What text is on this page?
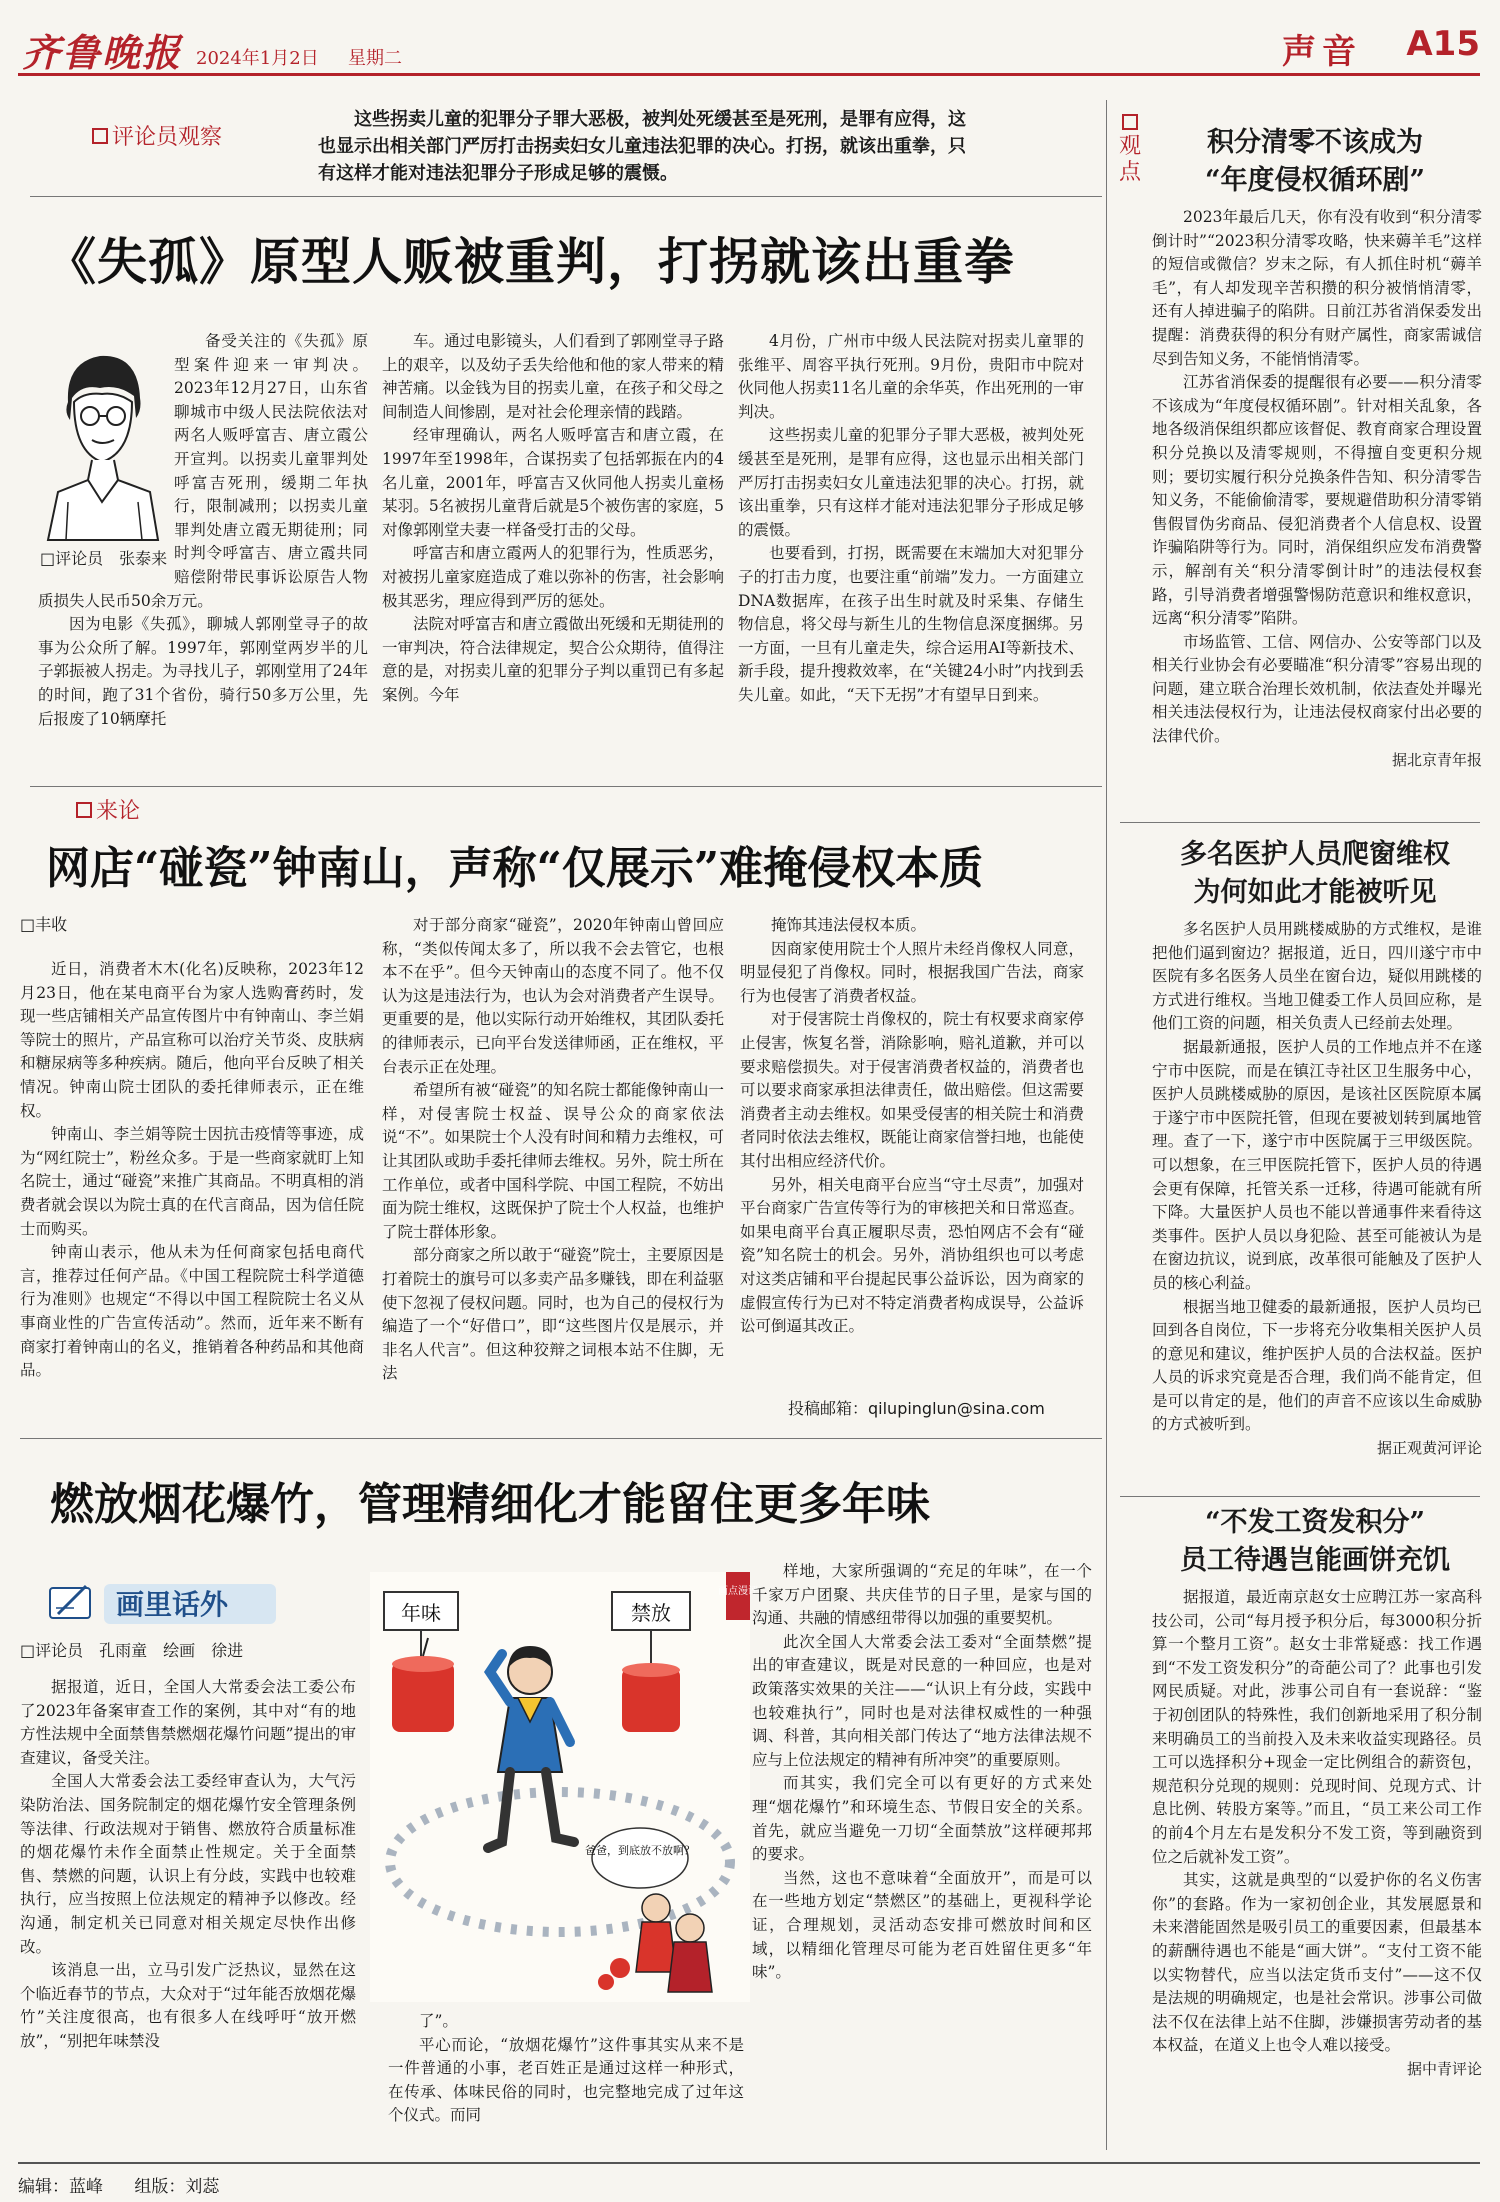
齐鲁晚报 2024年1月2日 星期二	声音 A15
评论员观察
这些拐卖儿童的犯罪分子罪大恶极，被判处死缓甚至是死刑，是罪有应得，这也显示出相关部门严厉打击拐卖妇女儿童违法犯罪的决心。打拐，就该出重拳，只有这样才能对违法犯罪分子形成足够的震慑。
《失孤》原型人贩被重判，打拐就该出重拳
□评论员　张泰来

备受关注的《失孤》原型案件迎来一审判决。2023年12月27日，山东省聊城市中级人民法院依法对两名人贩呼富吉、唐立霞公开宣判。以拐卖儿童罪判处呼富吉死刑，缓期二年执行，限制减刑；以拐卖儿童罪判处唐立霞无期徒刑；同时判令呼富吉、唐立霞共同赔偿附带民事诉讼原告人物质损失人民币50余万元。

因为电影《失孤》，聊城人郭刚堂寻子的故事为公众所了解。1997年，郭刚堂两岁半的儿子郭振被人拐走。为寻找儿子，郭刚堂用了24年的时间，跑了31个省份，骑行50多万公里，先后报废了10辆摩托

车。通过电影镜头，人们看到了郭刚堂寻子路上的艰辛，以及幼子丢失给他和他的家人带来的精神苦痛。以金钱为目的拐卖儿童，在孩子和父母之间制造人间惨剧，是对社会伦理亲情的践踏。

经审理确认，两名人贩呼富吉和唐立霞，在1997年至1998年，合谋拐卖了包括郭振在内的4名儿童，2001年，呼富吉又伙同他人拐卖儿童杨某羽。5名被拐儿童背后就是5个被伤害的家庭，5对像郭刚堂夫妻一样备受打击的父母。

呼富吉和唐立霞两人的犯罪行为，性质恶劣，对被拐儿童家庭造成了难以弥补的伤害，社会影响极其恶劣，理应得到严厉的惩处。

法院对呼富吉和唐立霞做出死缓和无期徒刑的一审判决，符合法律规定，契合公众期待，值得注意的是，对拐卖儿童的犯罪分子判以重罚已有多起案例。今年

4月份，广州市中级人民法院对拐卖儿童罪的张维平、周容平执行死刑。9月份，贵阳市中院对伙同他人拐卖11名儿童的余华英，作出死刑的一审判决。

这些拐卖儿童的犯罪分子罪大恶极，被判处死缓甚至是死刑，是罪有应得，这也显示出相关部门严厉打击拐卖妇女儿童违法犯罪的决心。打拐，就该出重拳，只有这样才能对违法犯罪分子形成足够的震慑。

也要看到，打拐，既需要在末端加大对犯罪分子的打击力度，也要注重“前端”发力。一方面建立DNA数据库，在孩子出生时就及时采集、存储生物信息，将父母与新生儿的生物信息深度捆绑。另一方面，一旦有儿童走失，综合运用AI等新技术、新手段，提升搜救效率，在“关键24小时”内找到丢失儿童。如此，“天下无拐”才有望早日到来。

来论
网店“碰瓷”钟南山，声称“仅展示”难掩侵权本质
□丰收

近日，消费者木木(化名)反映称，2023年12月23日，他在某电商平台为家人选购膏药时，发现一些店铺相关产品宣传图片中有钟南山、李兰娟等院士的照片，产品宣称可以治疗关节炎、皮肤病和糖尿病等多种疾病。随后，他向平台反映了相关情况。钟南山院士团队的委托律师表示，正在维权。

钟南山、李兰娟等院士因抗击疫情等事迹，成为“网红院士”，粉丝众多。于是一些商家就盯上知名院士，通过“碰瓷”来推广其商品。不明真相的消费者就会误以为院士真的在代言商品，因为信任院士而购买。

钟南山表示，他从未为任何商家包括电商代言，推荐过任何产品。《中国工程院院士科学道德行为准则》也规定“不得以中国工程院院士名义从事商业性的广告宣传活动”。然而，近年来不断有商家打着钟南山的名义，推销着各种药品和其他商品。

对于部分商家“碰瓷”，2020年钟南山曾回应称，“类似传闻太多了，所以我不会去管它，也根本不在乎”。但今天钟南山的态度不同了。他不仅认为这是违法行为，也认为会对消费者产生误导。更重要的是，他以实际行动开始维权，其团队委托的律师表示，已向平台发送律师函，正在维权，平台表示正在处理。

希望所有被“碰瓷”的知名院士都能像钟南山一样，对侵害院士权益、误导公众的商家依法说“不”。如果院士个人没有时间和精力去维权，可让其团队或助手委托律师去维权。另外，院士所在工作单位，或者中国科学院、中国工程院，不妨出面为院士维权，这既保护了院士个人权益，也维护了院士群体形象。

部分商家之所以敢于“碰瓷”院士，主要原因是打着院士的旗号可以多卖产品多赚钱，即在利益驱使下忽视了侵权问题。同时，也为自己的侵权行为编造了一个“好借口”，即“这些图片仅是展示，并非名人代言”。但这种狡辩之词根本站不住脚，无法

掩饰其违法侵权本质。

因商家使用院士个人照片未经肖像权人同意，明显侵犯了肖像权。同时，根据我国广告法，商家行为也侵害了消费者权益。

对于侵害院士肖像权的，院士有权要求商家停止侵害，恢复名誉，消除影响，赔礼道歉，并可以要求赔偿损失。对于侵害消费者权益的，消费者也可以要求商家承担法律责任，做出赔偿。但这需要消费者主动去维权。如果受侵害的相关院士和消费者同时依法去维权，既能让商家信誉扫地，也能使其付出相应经济代价。

另外，相关电商平台应当“守土尽责”，加强对平台商家广告宣传等行为的审核把关和日常巡查。如果电商平台真正履职尽责，恐怕网店不会有“碰瓷”知名院士的机会。另外，消协组织也可以考虑对这类店铺和平台提起民事公益诉讼，因为商家的虚假宣传行为已对不特定消费者构成误导，公益诉讼可倒逼其改正。

投稿邮箱：qilupinglun@sina.com
燃放烟花爆竹，管理精细化才能留住更多年味
画里话外
□评论员　孔雨童　绘画　徐进

据报道，近日，全国人大常委会法工委公布了2023年备案审查工作的案例，其中对“有的地方性法规中全面禁售禁燃烟花爆竹问题”提出的审查建议，备受关注。

全国人大常委会法工委经审查认为，大气污染防治法、国务院制定的烟花爆竹安全管理条例等法律、行政法规对于销售、燃放符合质量标准的烟花爆竹未作全面禁止性规定。关于全面禁售、禁燃的问题，认识上有分歧，实践中也较难执行，应当按照上位法规定的精神予以修改。经沟通，制定机关已同意对相关规定尽快作出修改。

该消息一出，立马引发广泛热议，显然在这个临近春节的节点，大众对于“过年能否放烟花爆竹”关注度很高，也有很多人在线呼吁“放开燃放”，“别把年味禁没

画点漫评
年味	禁放
爸爸，到底放不放啊？

样地，大家所强调的“充足的年味”，在一个千家万户团聚、共庆佳节的日子里，是家与国的沟通、共融的情感纽带得以加强的重要契机。

此次全国人大常委会法工委对“全面禁燃”提出的审查建议，既是对民意的一种回应，也是对政策落实效果的关注——“认识上有分歧，实践中也较难执行”，同时也是对法律权威性的一种强调、科普，其向相关部门传达了“地方法律法规不应与上位法规定的精神有所冲突”的重要原则。

而其实，我们完全可以有更好的方式来处理“烟花爆竹”和环境生态、节假日安全的关系。首先，就应当避免一刀切“全面禁放”这样硬邦邦的要求。

当然，这也不意味着“全面放开”，而是可以在一些地方划定“禁燃区”的基础上，更视科学论证，合理规划，灵活动态安排可燃放时间和区域，以精细化管理尽可能为老百姓留住更多“年味”。

了”。

平心而论，“放烟花爆竹”这件事其实从来不是一件普通的小事，老百姓正是通过这样一种形式，在传承、体味民俗的同时，也完整地完成了过年这个仪式。而同

观点
积分清零不该成为
“年度侵权循环剧”

2023年最后几天，你有没有收到“积分清零倒计时”“2023积分清零攻略，快来薅羊毛”这样的短信或微信？岁末之际，有人抓住时机“薅羊毛”，有人却发现辛苦积攒的积分被悄悄清零，还有人掉进骗子的陷阱。日前江苏省消保委发出提醒：消费获得的积分有财产属性，商家需诚信尽到告知义务，不能悄悄清零。

江苏省消保委的提醒很有必要——积分清零不该成为“年度侵权循环剧”。针对相关乱象，各地各级消保组织都应该督促、教育商家合理设置积分兑换以及清零规则，不得擅自变更积分规则；要切实履行积分兑换条件告知、积分清零告知义务，不能偷偷清零，要规避借助积分清零销售假冒伪劣商品、侵犯消费者个人信息权、设置诈骗陷阱等行为。同时，消保组织应发布消费警示，解剖有关“积分清零倒计时”的违法侵权套路，引导消费者增强警惕防范意识和维权意识，远离“积分清零”陷阱。

市场监管、工信、网信办、公安等部门以及相关行业协会有必要瞄准“积分清零”容易出现的问题，建立联合治理长效机制，依法查处并曝光相关违法侵权行为，让违法侵权商家付出必要的法律代价。

据北京青年报
多名医护人员爬窗维权
为何如此才能被听见

多名医护人员用跳楼威胁的方式维权，是谁把他们逼到窗边？据报道，近日，四川遂宁市中医院有多名医务人员坐在窗台边，疑似用跳楼的方式进行维权。当地卫健委工作人员回应称，是他们工资的问题，相关负责人已经前去处理。

据最新通报，医护人员的工作地点并不在遂宁市中医院，而是在镇江寺社区卫生服务中心，医护人员跳楼威胁的原因，是该社区医院原本属于遂宁市中医院托管，但现在要被划转到属地管理。查了一下，遂宁市中医院属于三甲级医院。可以想象，在三甲医院托管下，医护人员的待遇会更有保障，托管关系一迁移，待遇可能就有所下降。大量医护人员也不能以普通事件来看待这类事件。医护人员以身犯险、甚至可能被认为是在窗边抗议，说到底，改革很可能触及了医护人员的核心利益。

根据当地卫健委的最新通报，医护人员均已回到各自岗位，下一步将充分收集相关医护人员的意见和建议，维护医护人员的合法权益。医护人员的诉求究竟是否合理，我们尚不能肯定，但是可以肯定的是，他们的声音不应该以生命威胁的方式被听到。

据正观黄河评论
“不发工资发积分”
员工待遇岂能画饼充饥

据报道，最近南京赵女士应聘江苏一家高科技公司，公司“每月授予积分后，每3000积分折算一个整月工资”。赵女士非常疑惑：找工作遇到“不发工资发积分”的奇葩公司了？此事也引发网民质疑。对此，涉事公司自有一套说辞：“鉴于初创团队的特殊性，我们创新地采用了积分制来明确员工的当前投入及未来收益实现路径。员工可以选择积分+现金一定比例组合的薪资包，规范积分兑现的规则：兑现时间、兑现方式、计息比例、转股方案等。”而且，“员工来公司工作的前4个月左右是发积分不发工资，等到融资到位之后就补发工资”。

其实，这就是典型的“以爱护你的名义伤害你”的套路。作为一家初创企业，其发展愿景和未来潜能固然是吸引员工的重要因素，但最基本的薪酬待遇也不能是“画大饼”。“支付工资不能以实物替代，应当以法定货币支付”——这不仅是法规的明确规定，也是社会常识。涉事公司做法不仅在法律上站不住脚，涉嫌损害劳动者的基本权益，在道义上也令人难以接受。

据中青评论
编辑：蓝峰 组版：刘蕊
